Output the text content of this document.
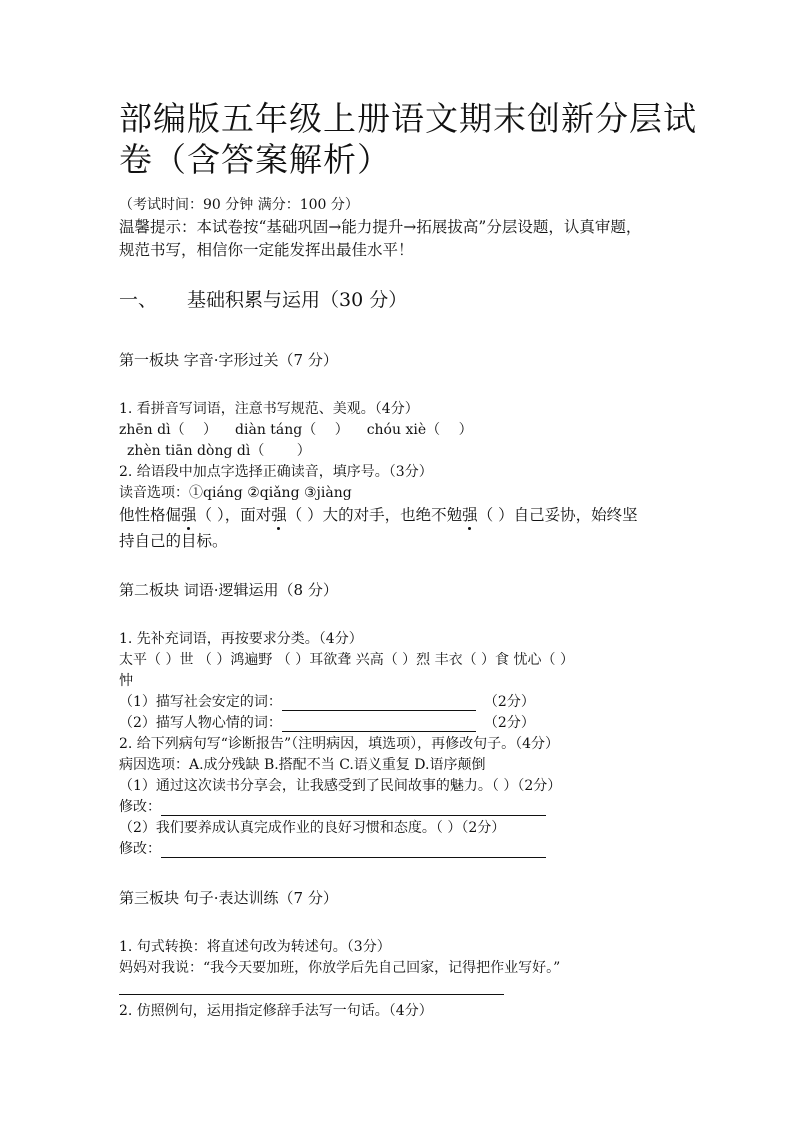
部编版五年级上册语文期末创新分层试
卷（含答案解析）
（考试时间：90 分钟 满分：100 分）
温馨提示：本试卷按“基础巩固→能力提升→拓展拔高”分层设题，认真审题，
规范书写，相信你一定能发挥出最佳水平！
一、 基础积累与运用（30 分）
第一板块 字音·字形过关（7 分）
1. 看拼音写词语，注意书写规范、美观。（4分）
zhēn dì（　 ） diàn táng（　 ） chóu xiè（　 ）
zhèn tiān dòng dì（　　 ）
2. 给语段中加点字选择正确读音，填序号。（3分）
读音选项：①qiáng ②qiǎng ③jiàng
他性格倔强（ ），面对强（ ）大的对手，也绝不勉强（ ）自己妥协，始终坚
持自己的目标。
第二板块 词语·逻辑运用（8 分）
1. 先补充词语，再按要求分类。（4分）
太平（ ）世 （ ）鸿遍野 （ ）耳欲聋 兴高（ ）烈 丰衣（ ）食 忧心（ ）
忡
（1）描写社会安定的词：	（2分）
（2）描写人物心情的词：	（2分）
2. 给下列病句写“诊断报告”（注明病因，填选项），再修改句子。（4分）
病因选项：A.成分残缺 B.搭配不当 C.语义重复 D.语序颠倒
（1）通过这次读书分享会，让我感受到了民间故事的魅力。（ ）（2分）
修改：
（2）我们要养成认真完成作业的良好习惯和态度。（ ）（2分）
修改：
第三板块 句子·表达训练（7 分）
1. 句式转换：将直述句改为转述句。（3分）
妈妈对我说：“我今天要加班，你放学后先自己回家，记得把作业写好。”
2. 仿照例句，运用指定修辞手法写一句话。（4分）
